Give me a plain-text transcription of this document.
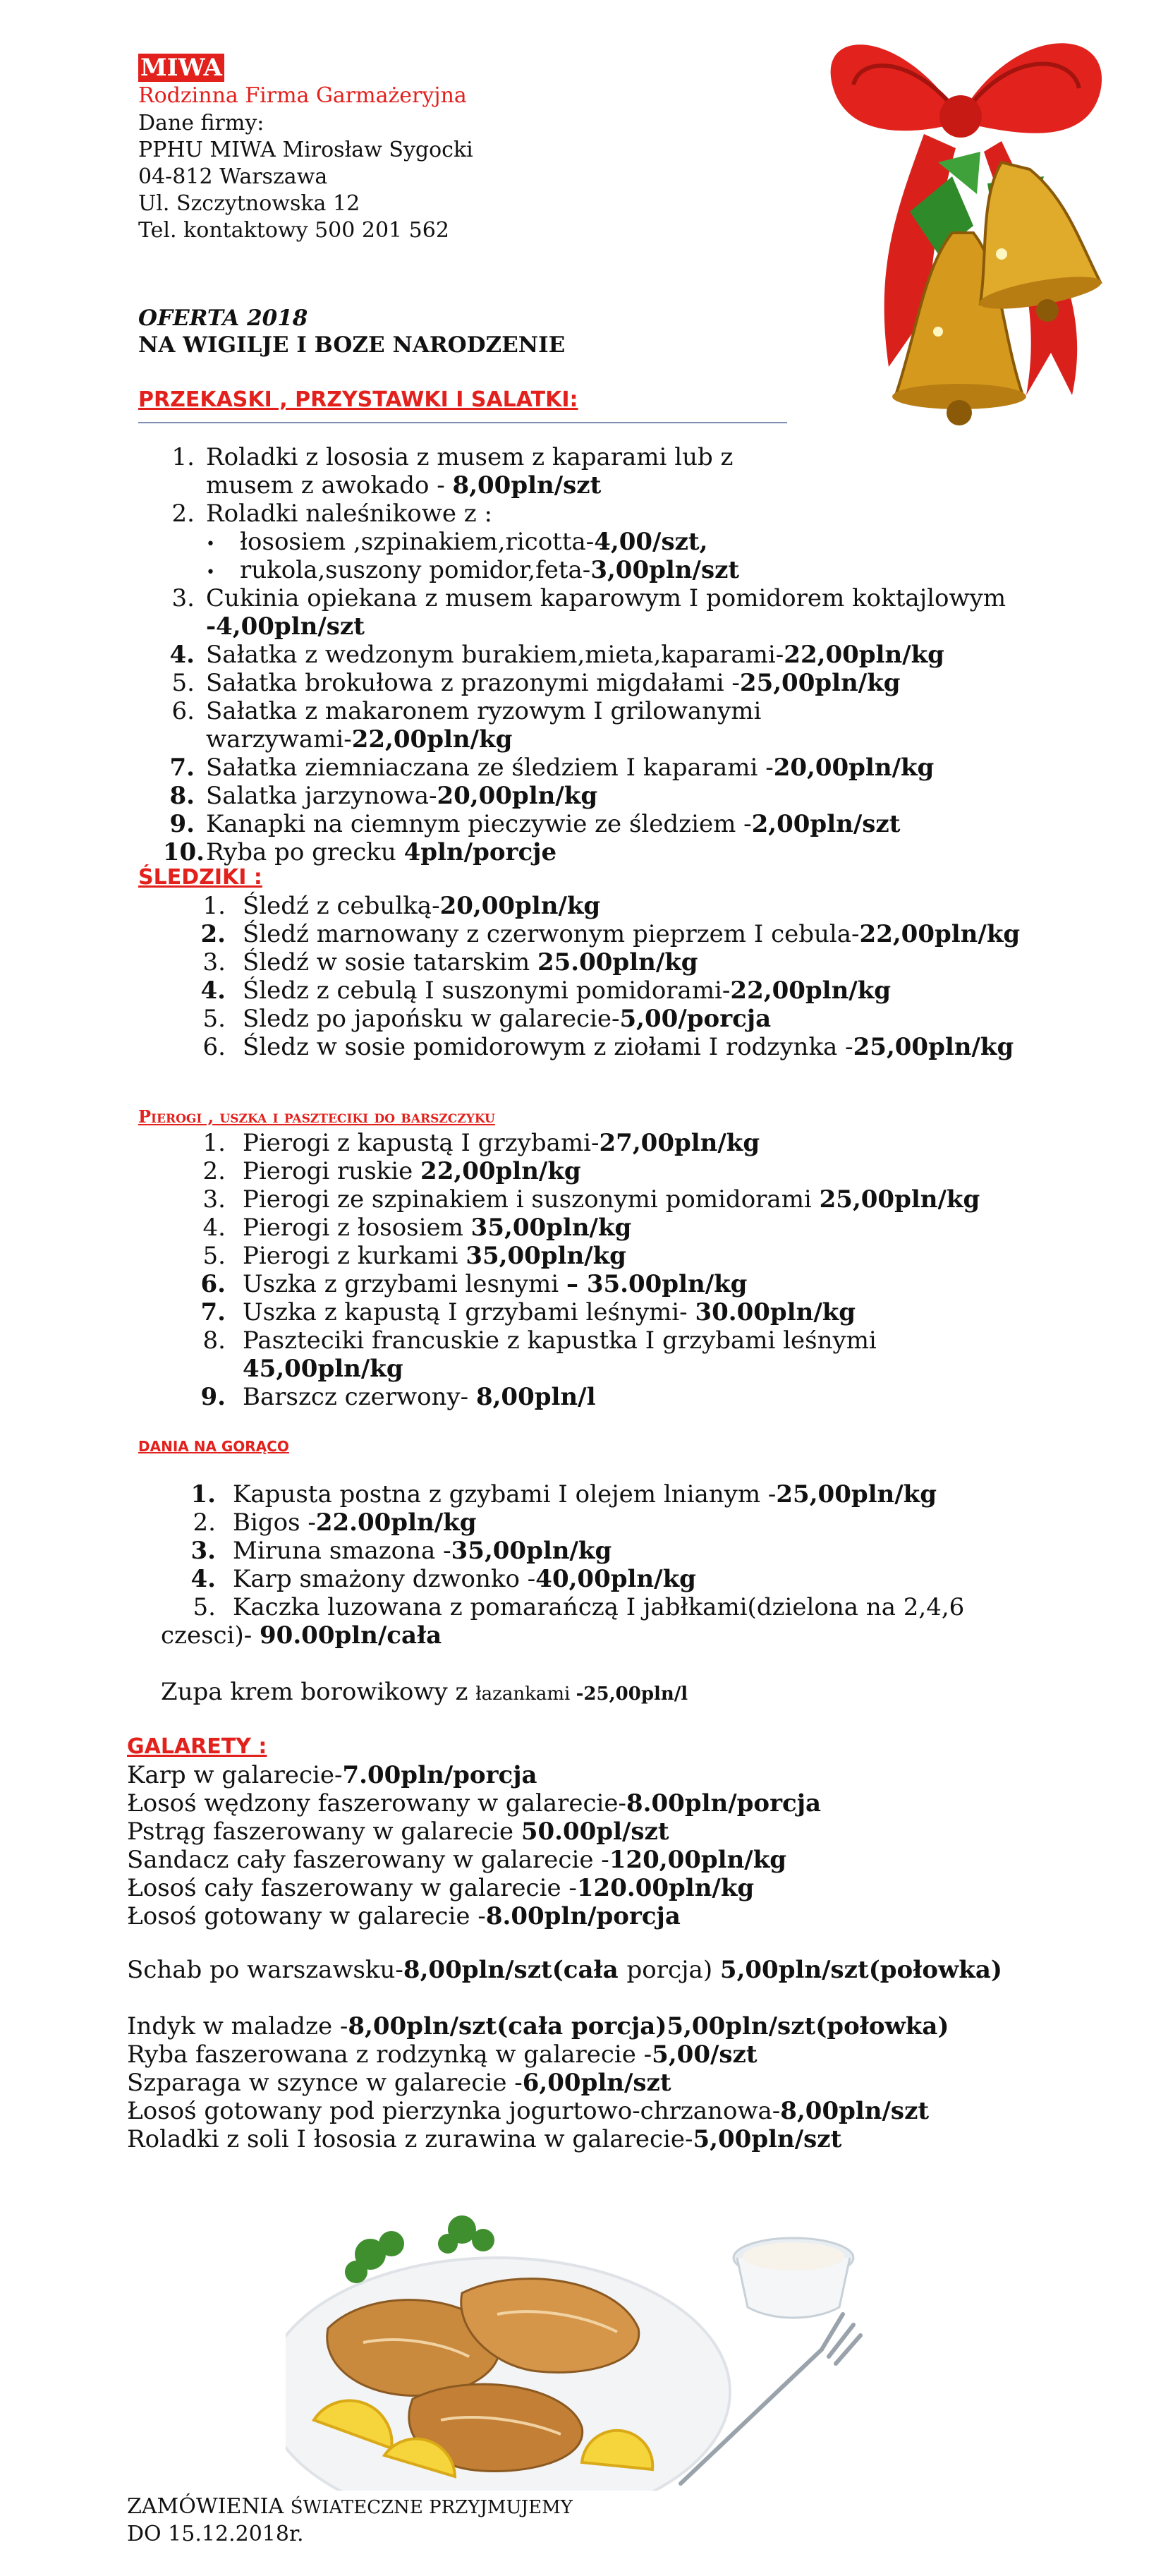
MIWA
Rodzinna Firma Garmażeryjna
Dane firmy:
PPHU MIWA Mirosław Sygocki
04-812 Warszawa
Ul. Szczytnowska 12
Tel. kontaktowy 500 201 562
OFERTA 2018
NA WIGILJE I BOZE NARODZENIE
PRZEKASKI , PRZYSTAWKI I SALATKI:
1. Roladki z lososia z musem z kaparami lub z

musem z awokado - 8,00pln/szt

2. Roladki naleśnikowe z :

• łososiem ,szpinakiem,ricotta-4,00/szt,

• rukola,suszony pomidor,feta-3,00pln/szt

3. Cukinia opiekana z musem kaparowym I pomidorem koktajlowym

-4,00pln/szt

4. Sałatka z wedzonym burakiem,mieta,kaparami-22,00pln/kg

5. Sałatka brokułowa z prazonymi migdałami -25,00pln/kg

6. Sałatka z makaronem ryzowym I grilowanymi

warzywami-22,00pln/kg

7. Sałatka ziemniaczana ze śledziem I kaparami -20,00pln/kg

8. Salatka jarzynowa-20,00pln/kg

9. Kanapki na ciemnym pieczywie ze śledziem -2,00pln/szt

10. Ryba po grecku 4pln/porcje

ŚLEDZIKI :
1. Śledź z cebulką-20,00pln/kg

2. Śledź marnowany z czerwonym pieprzem I cebula-22,00pln/kg

3. Śledź w sosie tatarskim 25.00pln/kg

4. Śledz z cebulą I suszonymi pomidorami-22,00pln/kg

5. Sledz po japońsku w galarecie-5,00/porcja

6. Śledz w sosie pomidorowym z ziołami I rodzynka -25,00pln/kg

Pierogi , uszka i paszteciki do barszczyku
1. Pierogi z kapustą I grzybami-27,00pln/kg

2. Pierogi ruskie 22,00pln/kg

3. Pierogi ze szpinakiem i suszonymi pomidorami 25,00pln/kg

4. Pierogi z łososiem 35,00pln/kg

5. Pierogi z kurkami 35,00pln/kg

6. Uszka z grzybami lesnymi – 35.00pln/kg

7. Uszka z kapustą I grzybami leśnymi- 30.00pln/kg

8. Paszteciki francuskie z kapustka I grzybami leśnymi

45,00pln/kg

9. Barszcz czerwony- 8,00pln/l

DANIA NA GORĄCO
1. Kapusta postna z gzybami I olejem lnianym -25,00pln/kg

2. Bigos -22.00pln/kg

3. Miruna smazona -35,00pln/kg

4. Karp smażony dzwonko -40,00pln/kg

5. Kaczka luzowana z pomarańczą I jabłkami(dzielona na 2,4,6

czesci)- 90.00pln/cała

Zupa krem borowikowy z łazankami -25,00pln/l
GALARETY :
Karp w galarecie-7.00pln/porcja
Łosoś wędzony faszerowany w galarecie-8.00pln/porcja
Pstrąg faszerowany w galarecie 50.00pl/szt
Sandacz cały faszerowany w galarecie -120,00pln/kg
Łosoś cały faszerowany w galarecie -120.00pln/kg
Łosoś gotowany w galarecie -8.00pln/porcja
Schab po warszawsku-8,00pln/szt(cała porcja) 5,00pln/szt(połowka)
Indyk w maladze -8,00pln/szt(cała porcja)5,00pln/szt(połowka)
Ryba faszerowana z rodzynką w galarecie -5,00/szt
Szparaga w szynce w galarecie -6,00pln/szt
Łosoś gotowany pod pierzynka jogurtowo-chrzanowa-8,00pln/szt
Roladki z soli I łososia z zurawina w galarecie-5,00pln/szt
ZAMÓWIENIA ŚWIATECZNE PRZYJMUJEMY
DO 15.12.2018r.
